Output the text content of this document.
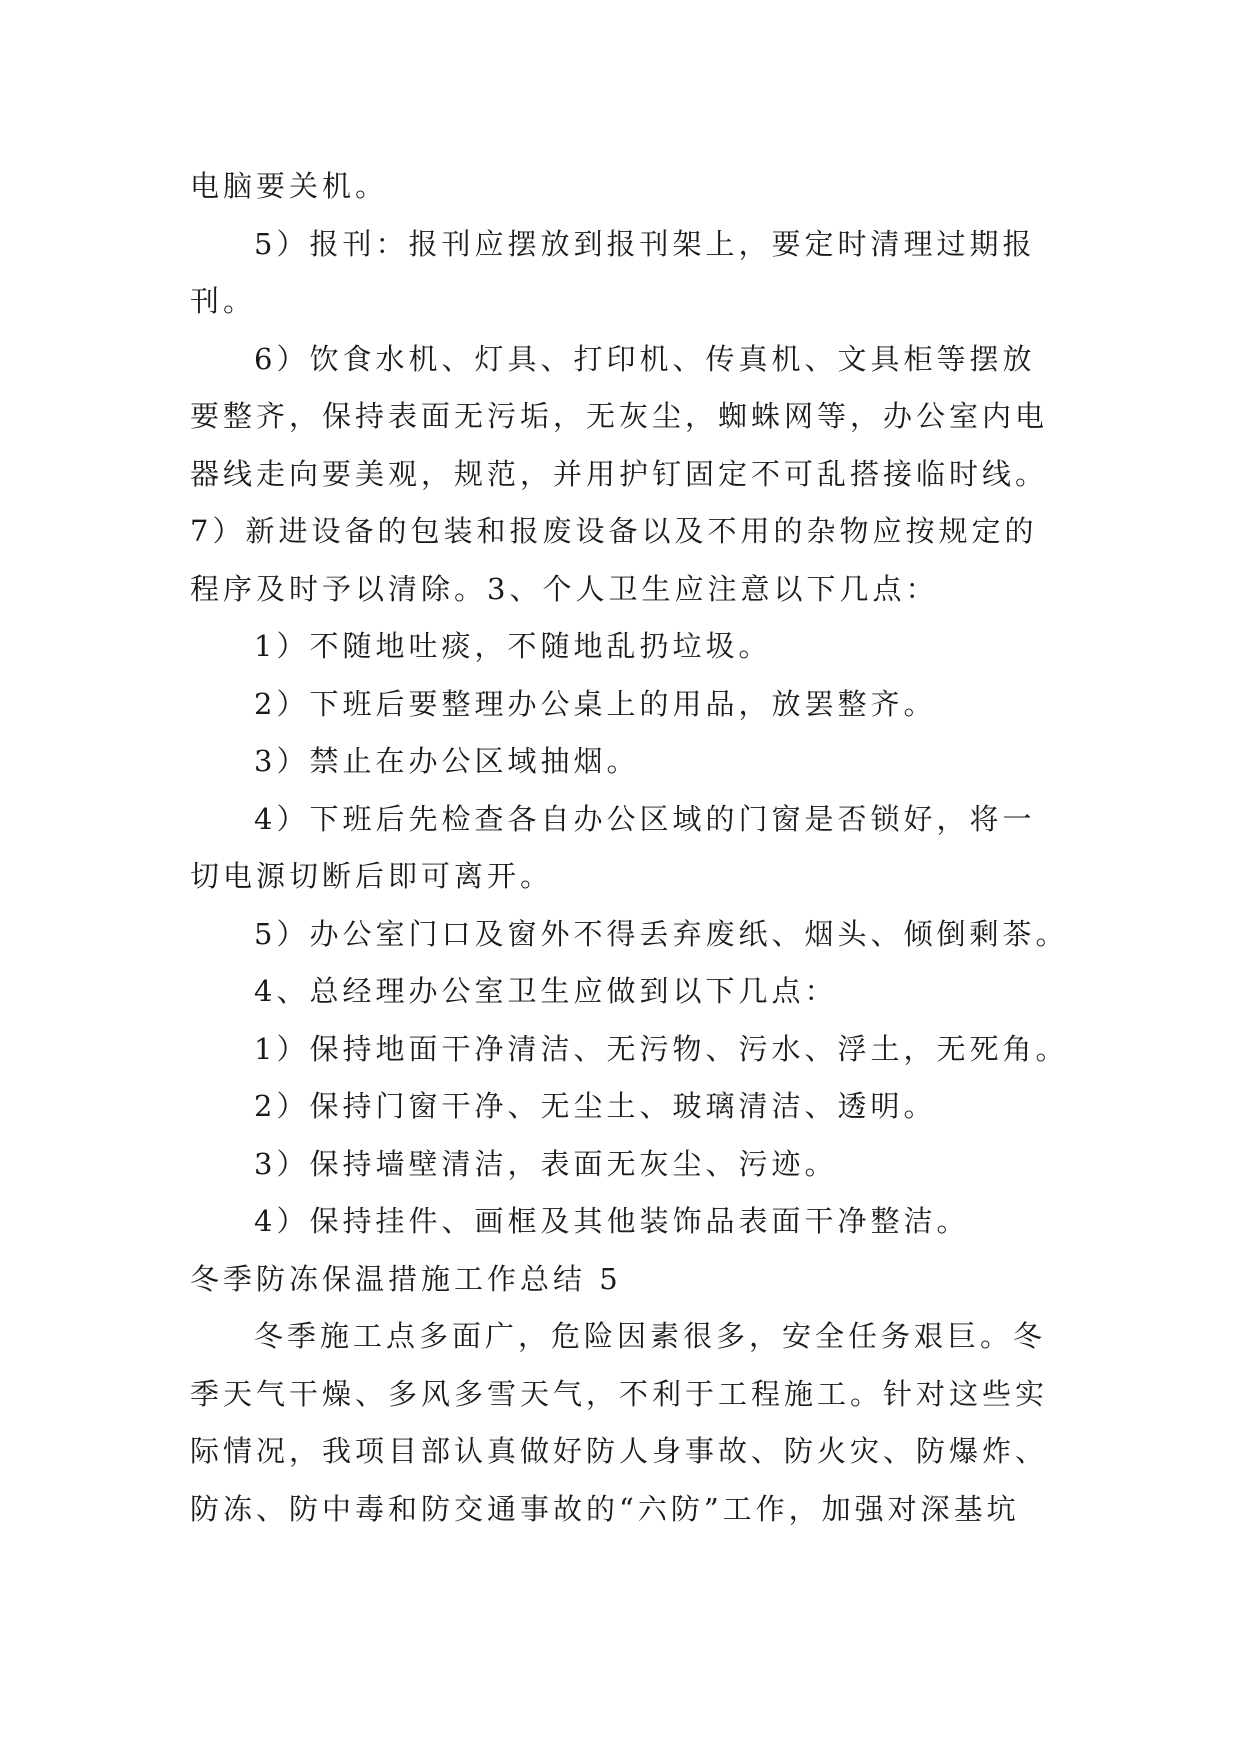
电脑要关机。
5）报刊：报刊应摆放到报刊架上，要定时清理过期报
刊。
6）饮食水机、灯具、打印机、传真机、文具柜等摆放
要整齐，保持表面无污垢，无灰尘，蜘蛛网等，办公室内电
器线走向要美观，规范，并用护钉固定不可乱搭接临时线。
7）新进设备的包装和报废设备以及不用的杂物应按规定的
程序及时予以清除。3、个人卫生应注意以下几点：
1）不随地吐痰，不随地乱扔垃圾。
2）下班后要整理办公桌上的用品，放罢整齐。
3）禁止在办公区域抽烟。
4）下班后先检查各自办公区域的门窗是否锁好，将一
切电源切断后即可离开。
5）办公室门口及窗外不得丢弃废纸、烟头、倾倒剩茶。
4、总经理办公室卫生应做到以下几点：
1）保持地面干净清洁、无污物、污水、浮土，无死角。
2）保持门窗干净、无尘土、玻璃清洁、透明。
3）保持墙壁清洁，表面无灰尘、污迹。
4）保持挂件、画框及其他装饰品表面干净整洁。
冬季防冻保温措施工作总结 5
冬季施工点多面广，危险因素很多，安全任务艰巨。冬
季天气干燥、多风多雪天气，不利于工程施工。针对这些实
际情况，我项目部认真做好防人身事故、防火灾、防爆炸、
防冻、防中毒和防交通事故的“六防”工作，加强对深基坑
